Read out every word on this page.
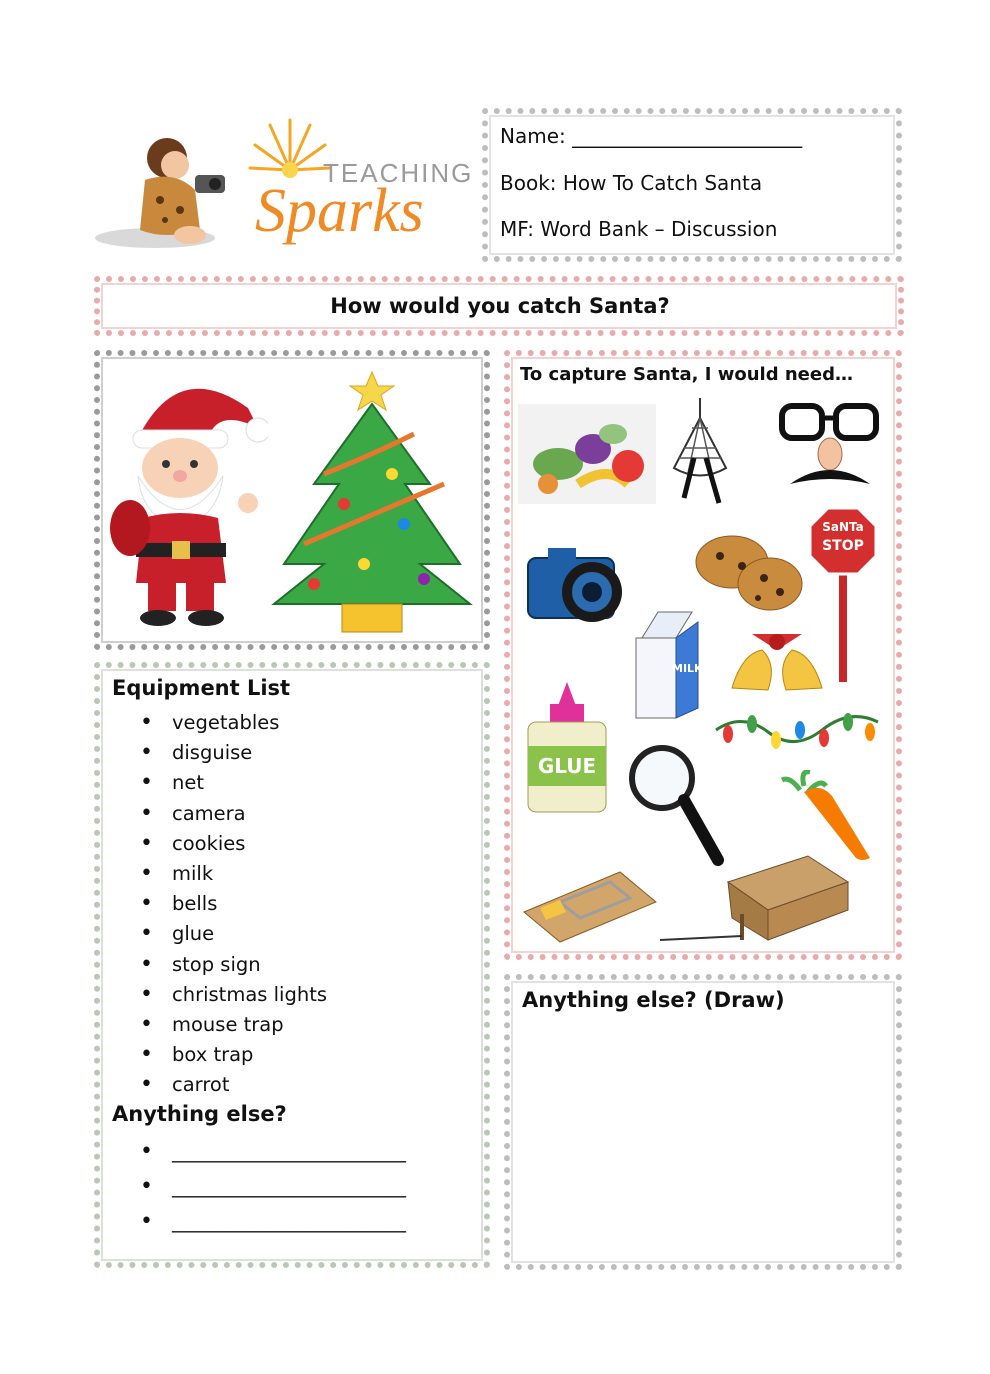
TEACHING
Sparks
Name: _______________________
Book: How To Catch Santa
MF: Word Bank – Discussion
How would you catch Santa?
Equipment List
• vegetables
• disguise
• net
• camera
• cookies
• milk
• bells
• glue
• stop sign
• christmas lights
• mouse trap
• box trap
• carrot
Anything else?
• ________________________
• ________________________
• ________________________
To capture Santa, I would need…
SaNTa
STOP
MILK
GLUE
Anything else? (Draw)
